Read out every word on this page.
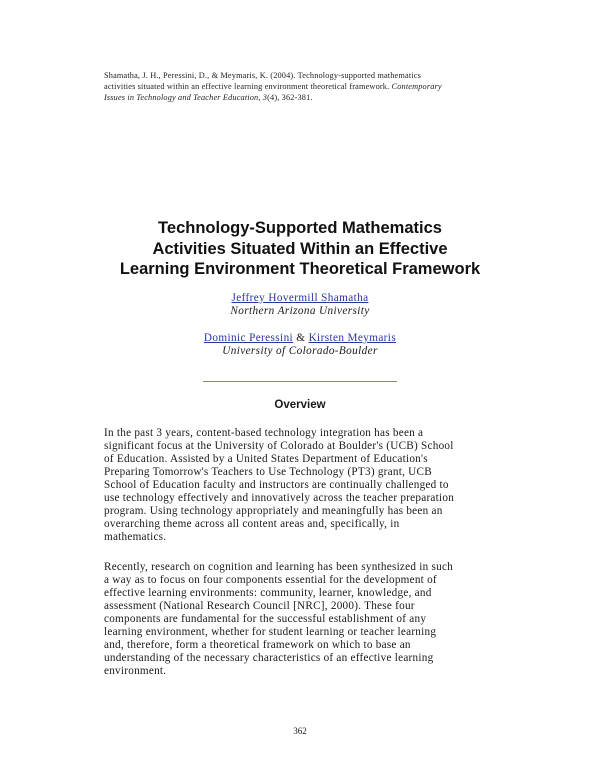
Shamatha, J. H., Peressini, D., & Meymaris, K. (2004). Technology-supported mathematics
activities situated within an effective learning environment theoretical framework. Contemporary
Issues in Technology and Teacher Education, 3(4), 362-381.
Technology-Supported Mathematics
Activities Situated Within an Effective
Learning Environment Theoretical Framework
Jeffrey Hovermill Shamatha
Northern Arizona University
Dominic Peressini & Kirsten Meymaris
University of Colorado-Boulder
Overview
In the past 3 years, content-based technology integration has been a
significant focus at the University of Colorado at Boulder's (UCB) School
of Education. Assisted by a United States Department of Education's
Preparing Tomorrow's Teachers to Use Technology (PT3) grant, UCB
School of Education faculty and instructors are continually challenged to
use technology effectively and innovatively across the teacher preparation
program. Using technology appropriately and meaningfully has been an
overarching theme across all content areas and, specifically, in
mathematics.
Recently, research on cognition and learning has been synthesized in such
a way as to focus on four components essential for the development of
effective learning environments: community, learner, knowledge, and
assessment (National Research Council [NRC], 2000). These four
components are fundamental for the successful establishment of any
learning environment, whether for student learning or teacher learning
and, therefore, form a theoretical framework on which to base an
understanding of the necessary characteristics of an effective learning
environment.
362
